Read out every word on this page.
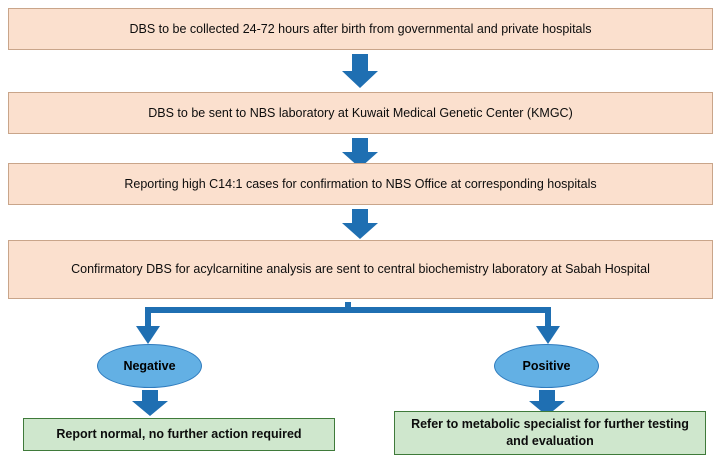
DBS to be collected 24-72 hours after birth from governmental and private hospitals
DBS to be sent to NBS laboratory at Kuwait Medical Genetic Center (KMGC)
Reporting high C14:1 cases for confirmation to NBS Office at corresponding hospitals
Confirmatory DBS for acylcarnitine analysis are sent to central biochemistry laboratory at Sabah Hospital
Negative	Positive
Report normal, no further action required
Refer to metabolic specialist for further testing and evaluation
